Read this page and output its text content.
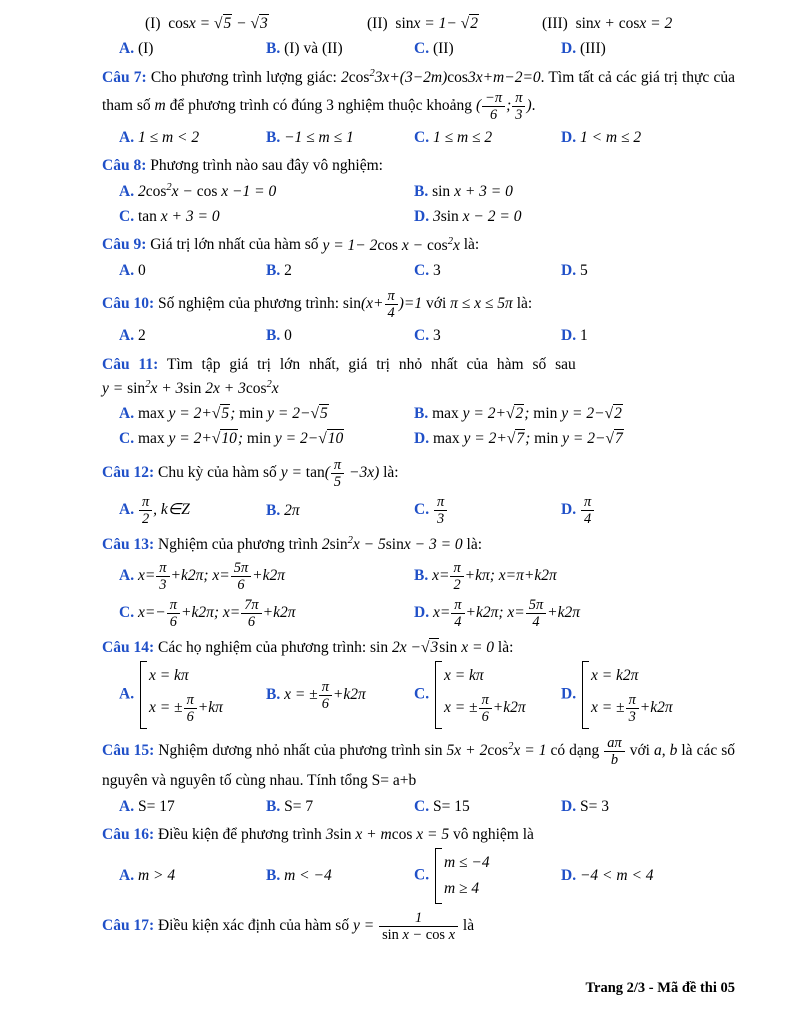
(I) cosx = √5 − √3	(II) sinx = 1− √2	(III) sinx + cosx = 2
A. (I)	B. (I) và (II)	C. (II)	D. (III)
Câu 7: Cho phương trình lượng giác: $2\cos^23x+(3-2m)\cos 3x+m-2=0$. Tìm tất cả các giá trị thực của tham số m để phương trình có đúng 3 nghiệm thuộc khoảng ( $\frac{-\pi}{6}$ ; $\frac{\pi}{3}$ ).
A. 1 ≤ m < 2	B. −1 ≤ m ≤ 1	C. 1 ≤ m ≤ 2	D. 1 < m ≤ 2
Câu 8: Phương trình nào sau đây vô nghiệm:
A. $2\cos^2x - \cos x -1 = 0$	B. sin x + 3 = 0
C. tan x + 3 = 0	D. 3sin x − 2 = 0
Câu 9: Giá trị lớn nhất của hàm số y = 1− 2cos $x - \cos^2x$ là:
A. 0	B. 2	C. 3	D. 5
Câu 10: Số nghiệm của phương trình: $\sin(x+ \frac{\pi}{4} )=1$ với π ≤ x ≤ 5π là:
A. 2	B. 0	C. 3	D. 1
Câu 11: Tìm tập giá trị lớn nhất, giá trị nhỏ nhất của hàm số sau
$y = \sin^2x + 3\sin$ $2x + 3\cos^2x$
A. max y = 2+√5; min y = 2−√5	B. max y = 2+√2; min y = 2−√2
C. max y = 2+√10; min y = 2−√10	D. max y = 2+√7; min y = 2−√7
Câu 12: Chu kỳ của hàm số $y = \tan( \frac{\pi}{5} -3x)$ là:
A. $\frac{\pi}{2}$ , k∈Z	B. 2π	C. $\frac{\pi}{3}$	D. $\frac{\pi}{4}$
Câu 13: Nghiệm của phương trình $2\sin^2x - 5\sin x - 3 = 0$ là:
A. $x= \frac{\pi}{3} +k2\pi$; $x= \frac{5\pi}{6} +k2\pi$	B. $x= \frac{\pi}{2} +k\pi$; x=π+k2π
C. $x=- \frac{\pi}{6} +k2\pi$; $x= \frac{7\pi}{6} +k2\pi$	D. $x= \frac{\pi}{4} +k2\pi$; $x= \frac{5\pi}{4} +k2\pi$
Câu 14: Các họ nghiệm của phương trình: sin 2x −√3sin x = 0 là:
A.
x = kπ
x = ± $\frac{\pi}{6} +k\pi$
B. x = ± $\frac{\pi}{6} +k2\pi$	C.
x = kπ
x = ± $\frac{\pi}{6} +k2\pi$
D.
x = k2π
x = ± $\frac{\pi}{3} +k2\pi$
Câu 15: Nghiệm dương nhỏ nhất của phương trình $\sin 5x + 2\cos^2x = 1$ có dạng $\frac{a\pi}{b}$ với a, b là các số nguyên và nguyên tố cùng nhau. Tính tổng S= a+b
A. S= 17	B. S= 7	C. S= 15	D. S= 3
Câu 16: Điều kiện để phương trình 3sin x + mcos x = 5 vô nghiệm là
A. m > 4	B. m < −4	C.
m ≤ −4
m ≥ 4
D. −4 < m < 4
Câu 17: Điều kiện xác định của hàm số $y = \frac{1}{\text{sin x − cos x}}$ là
Trang 2/3 - Mã đề thi 05
